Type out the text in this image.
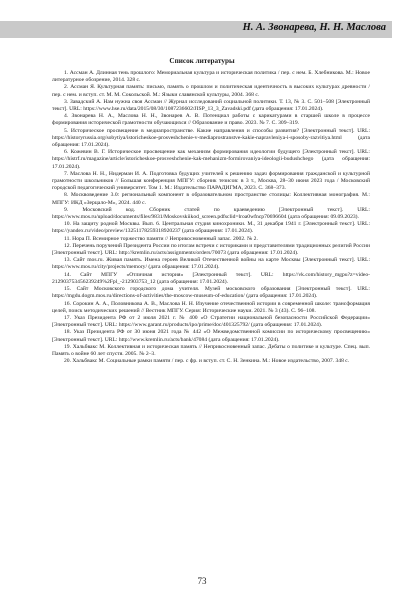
Н. А. Звонарева, Н. Н. Маслова
Список литературы

1. Ассман А. Длинная тень прошлого: Мемориальная культура и историческая политика / пер. с нем. Б. Хлебникова. М.: Новое литературное обозрение, 2014. 328 с.

2. Ассман Я. Культурная память: письмо, память о прошлом и политическая идентичность в высоких культурах древности / пер. с нем. и вступ. ст. М. М. Сокольской. М.: Языки славянской культуры, 2004. 368 с.

3. Завадский А. Нам нужна своя Ассман // Журнал исследований социальной политики. Т. 13, № 3. С. 501–508 [Электронный текст]. URL: https://www.hse.ru/data/2015/08/30/1087236602/JISP_13_3_Zavadski.pdf (дата обращения: 17.01.2024).

4. Звонарева Н. А., Маслова Н. Н., Звонарев А. В. Потенциал работы с карикатурами в старшей школе в процессе формирования исторической грамотности обучающихся // Образование и право. 2023. № 7. С. 309–319.

5. Историческое просвещение в медиапространстве. Какие направления и способы развития? [Электронный текст]. URL: https://historyrussia.org/sobytiya/istoricheskoe-prosveshchenie-v-mediaprostranstve-kakie-napravleniya-i-sposoby-razvitiya.html (дата обращения: 17.01.2024).

6. Кожевин В. Г. Историческое просвещение как механизм формирования идеологии будущего [Электронный текст]. URL: https://histrf.ru/magazine/article/istoricheskoe-prosveshchenie-kak-mehanizm-formirovaniya-ideologii-budushchego (дата обращения: 17.01.2024).

7. Маслова Н. Н., Нидерман И. А. Подготовка будущих учителей к решению задач формирования гражданской и культурной грамотности школьников // Большая конференция МПГУ: сборник тезисов: в 3 т., Москва, 28–30 июня 2023 года / Московский городской педагогический университет. Том 1. М.: Издательство ПАРАДИГМА, 2023. С. 368–373.

8. Москвоведение 3.0: региональный компонент в образовательном пространстве столицы: Коллективная монография. М.: МПГУ: ИКД «Зерцало-М», 2024. 440 с.

9. Московский код. Сборник статей по краеведению [Электронный текст]. URL: https://www.mos.ru/upload/documents/files/9831/Moskovskiikod_screen.pdfsclid=lroa0wfncp70696604 (дата обращения: 09.09.2023).

10. На защиту родной Москвы. Вып. 6. Центральная студия кинохроники. М., 31 декабря 1941 г. [Электронный текст]. URL: https://yandex.ru/video/preview/13251178259318920237 (дата обращения: 17.01.2024).

11. Нора П. Всемирное торжество памяти // Неприкосновенный запас. 2002. № 2.

12. Перечень поручений Президента России по итогам встречи с историками и представителями традиционных религий России [Электронный текст]. URL: http://kremlin.ru/acts/assignments/orders/70073 (дата обращения: 17.01.2024).

13. Сайт mos.ru. Живая память. Имена героев Великой Отечественной войны на карте Москвы [Электронный текст]. URL: https://www.mos.ru/city/projects/memory/ (дата обращения: 17.01.2024).

14. Сайт МПГУ «Отличная история» [Электронный текст]. URL: https://vk.com/history_mgpu?z=video-212903753456239249%2Fpl_-212903753_12 (дата обращения: 17.01.2024).

15. Сайт Московского городского дома учителя. Музей московского образования [Электронный текст]. URL: https://mgdu.dogm.mos.ru/directions-of-activities/the-moscow-museum-of-education/ (дата обращения: 17.01.2024).

16. Сорокин А. А., Половникова А. В., Маслова Н. Н. Изучение отечественной истории в современной школе: трансформация целей, поиск методических решений // Вестник МПГУ. Серия: Исторические науки. 2021. № 3 (43). С. 96–108.

17. Указ Президента РФ от 2 июля 2021 г. № 400 «О Стратегии национальной безопасности Российской Федерации» [Электронный текст]. URL: https://www.garant.ru/products/ipo/prime/doc/401325792/ (дата обращения: 17.01.2024).

18. Указ Президента РФ от 30 июня 2021 года № 442 «О Межведомственной комиссии по историческому просвещению» [Электронный текст]. URL: http://www.kremlin.ru/acts/bank/47084 (дата обращения: 17.01.2024).

19. Хальбвакс М. Коллективная и историческая память // Неприкосновенный запас. Дебаты о политике и культуре. Спец. вып. Память о войне 60 лет спустя. 2005. № 2–3.

20. Хальбвакс М. Социальные рамки памяти / пер. с фр. и вступ. ст. С. Н. Зенкина. М.: Новое издательство, 2007. 348 с.

73
